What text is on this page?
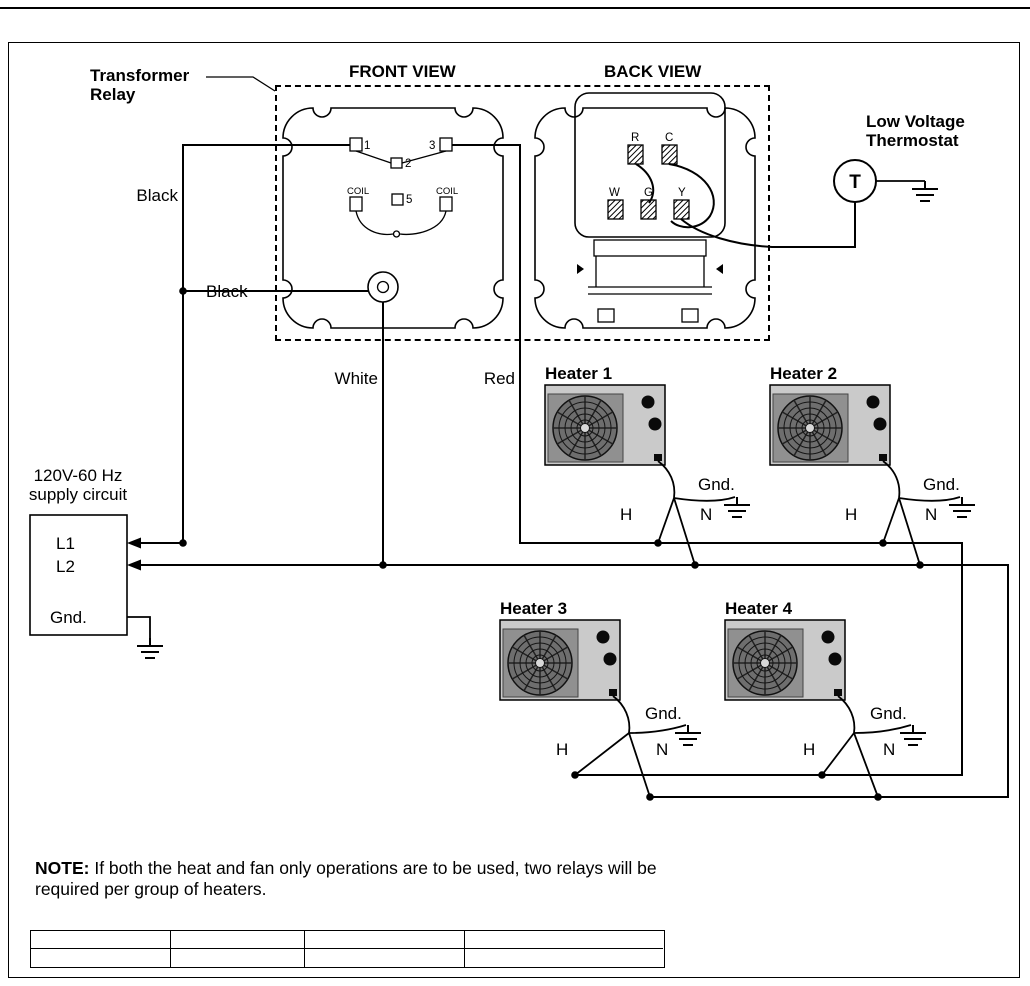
1	3
2
5
COIL	COIL
R C
W G Y	T
Transformer
Relay
FRONT VIEW	BACK VIEW
Low Voltage
Thermostat
Black
Black
White	Red
120V-60 Hz
supply circuit
L1
L2
Gnd.
Heater 1	Heater 2
Heater 3	Heater 4
Gnd.	Gnd.
Gnd.	Gnd.
H	N	H	N
H	N	H	N
NOTE: If both the heat and fan only operations are to be used, two relays will be required per group of heaters.
